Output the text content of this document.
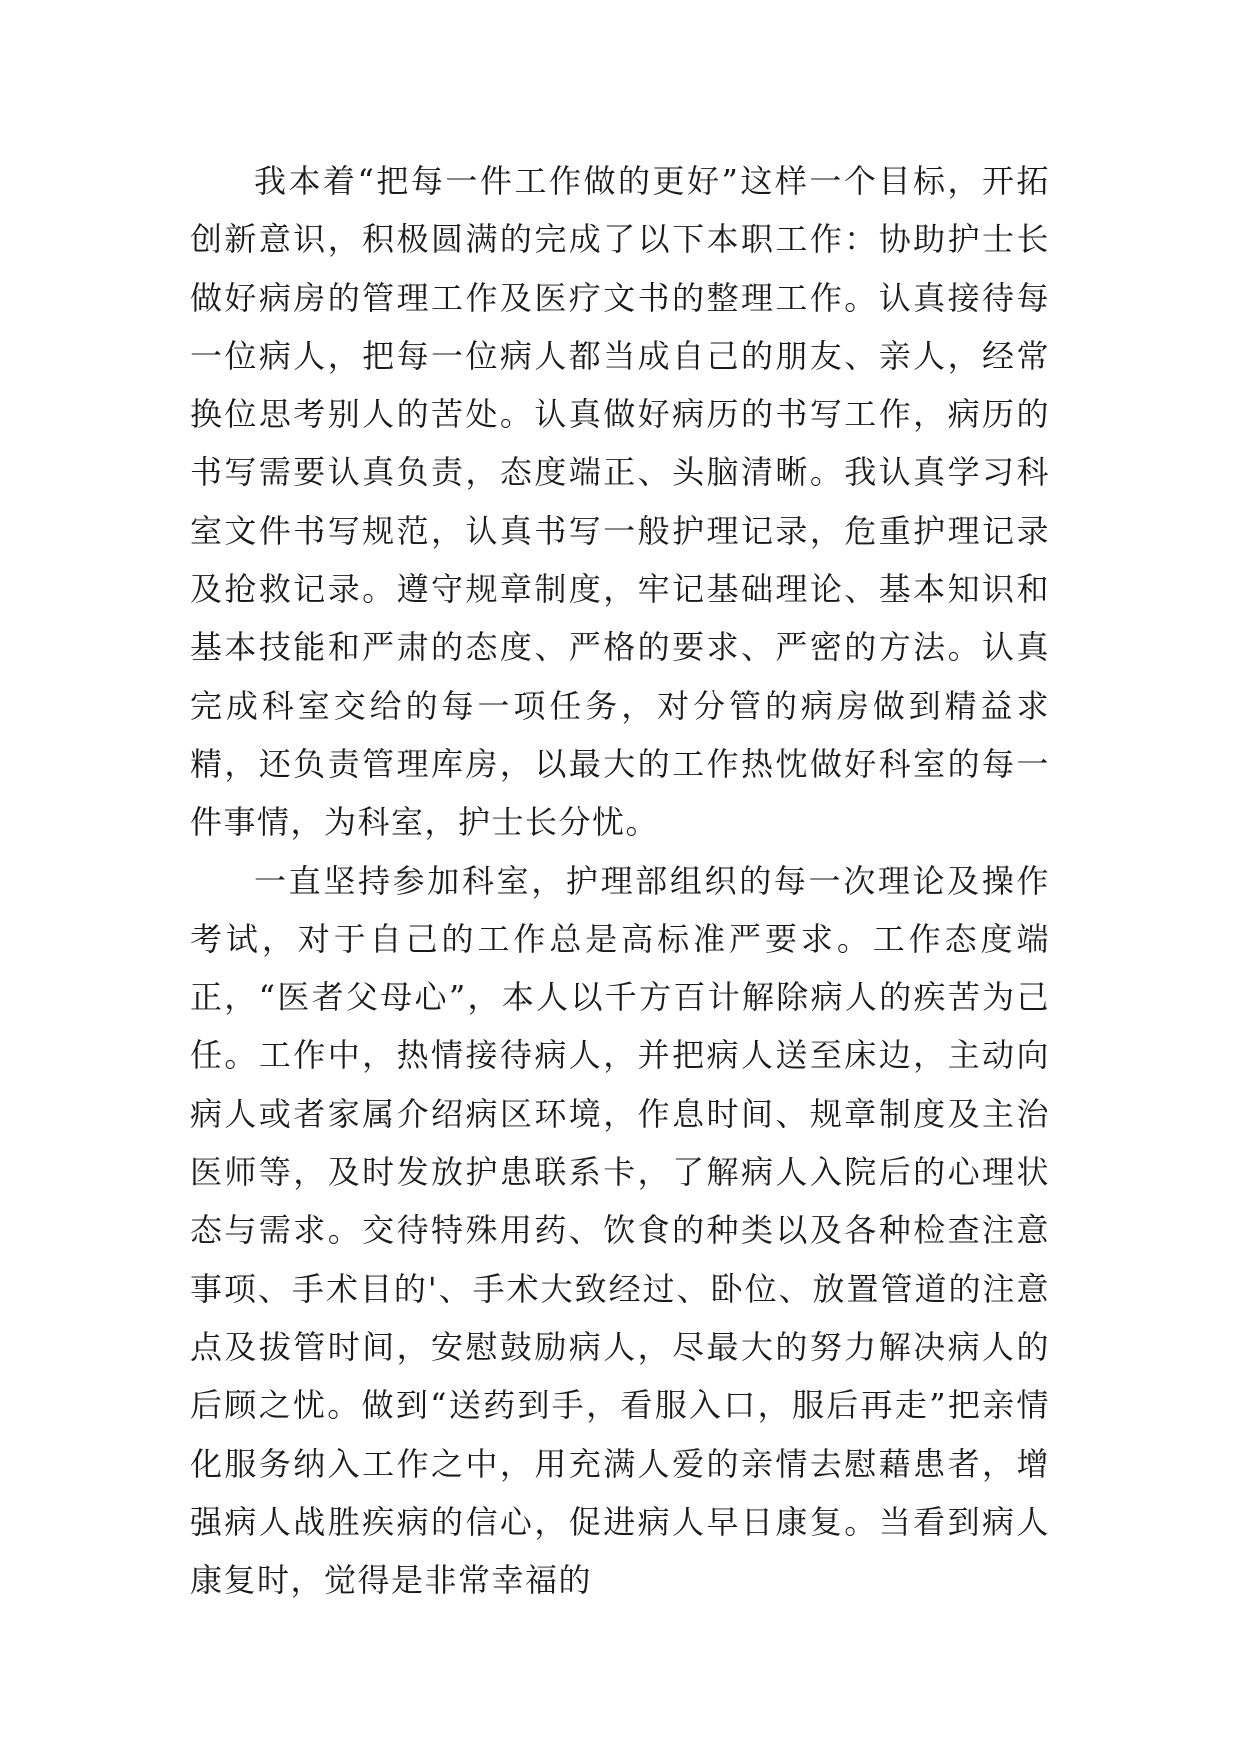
我本着“把每一件工作做的更好”这样一个目标，开拓创新意识，积极圆满的完成了以下本职工作：协助护士长做好病房的管理工作及医疗文书的整理工作。认真接待每一位病人，把每一位病人都当成自己的朋友、亲人，经常换位思考别人的苦处。认真做好病历的书写工作，病历的书写需要认真负责，态度端正、头脑清晰。我认真学习科室文件书写规范，认真书写一般护理记录，危重护理记录及抢救记录。遵守规章制度，牢记基础理论、基本知识和基本技能和严肃的态度、严格的要求、严密的方法。认真完成科室交给的每一项任务，对分管的病房做到精益求精，还负责管理库房，以最大的工作热忱做好科室的每一件事情，为科室，护士长分忧。

一直坚持参加科室，护理部组织的每一次理论及操作考试，对于自己的工作总是高标准严要求。工作态度端正，“医者父母心”，本人以千方百计解除病人的疾苦为己任。工作中，热情接待病人，并把病人送至床边，主动向病人或者家属介绍病区环境，作息时间、规章制度及主治医师等，及时发放护患联系卡，了解病人入院后的心理状态与需求。交待特殊用药、饮食的种类以及各种检查注意事项、手术目的'、手术大致经过、卧位、放置管道的注意点及拔管时间，安慰鼓励病人，尽最大的努力解决病人的后顾之忧。做到“送药到手，看服入口，服后再走”把亲情化服务纳入工作之中，用充满人爱的亲情去慰藉患者，增强病人战胜疾病的信心，促进病人早日康复。当看到病人康复时，觉得是非常幸福的
